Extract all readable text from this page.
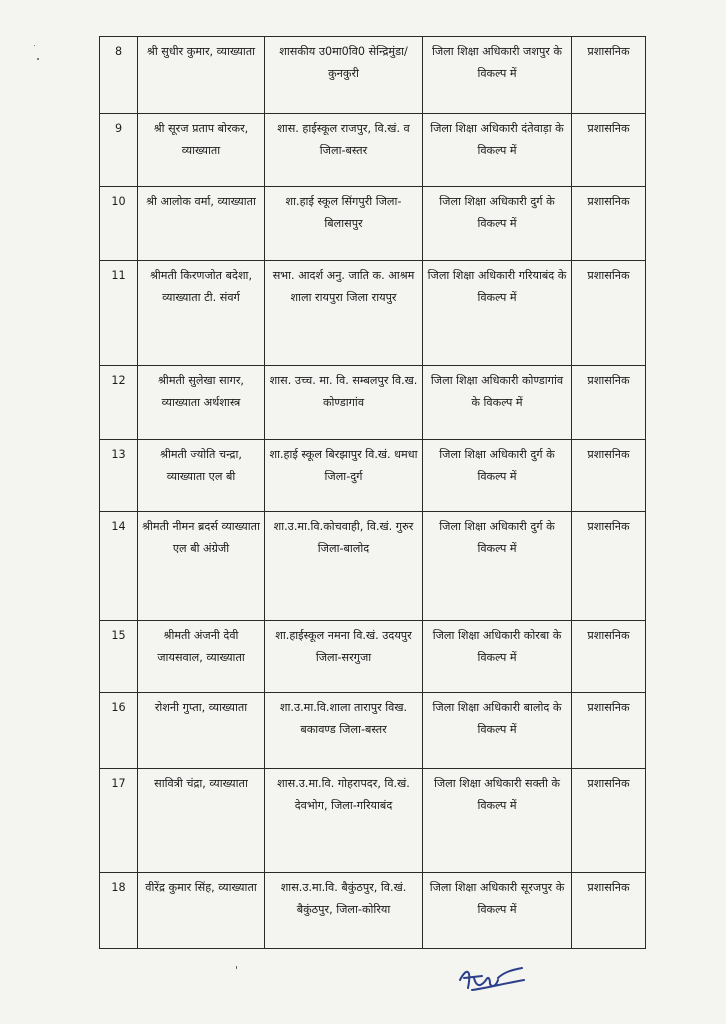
8	श्री सुधीर कुमार, व्याख्याता	शासकीय उ0मा0वि0 सेन्द्रिमुंडा/कुनकुरी	जिला शिक्षा अधिकारी जशपुर के विकल्प में	प्रशासनिक
9	श्री सूरज प्रताप बोरकर, व्याख्याता	शास. हाईस्कूल राजपुर, वि.खं. व जिला-बस्तर	जिला शिक्षा अधिकारी दंतेवाड़ा के विकल्प में	प्रशासनिक
10	श्री आलोक वर्मा, व्याख्याता	शा.हाई स्कूल सिंगपुरी जिला-बिलासपुर	जिला शिक्षा अधिकारी दुर्ग के विकल्प में	प्रशासनिक
11	श्रीमती किरणजोत बदेशा, व्याख्याता टी. संवर्ग	सभा. आदर्श अनु. जाति क. आश्रम शाला रायपुरा जिला रायपुर	जिला शिक्षा अधिकारी गरियाबंद के विकल्प में	प्रशासनिक
12	श्रीमती सुलेखा सागर, व्याख्याता अर्थशास्त्र	शास. उच्च. मा. वि. सम्बलपुर वि.ख. कोण्डागांव	जिला शिक्षा अधिकारी कोण्डागांव के विकल्प में	प्रशासनिक
13	श्रीमती ज्योति चन्द्रा, व्याख्याता एल बी	शा.हाई स्कूल बिरझापुर वि.खं. धमधा जिला-दुर्ग	जिला शिक्षा अधिकारी दुर्ग के विकल्प में	प्रशासनिक
14	श्रीमती नीमन ब्रदर्स व्याख्याता एल बी अंग्रेजी	शा.उ.मा.वि.कोचवाही, वि.खं. गुरुर जिला-बालोद	जिला शिक्षा अधिकारी दुर्ग के विकल्प में	प्रशासनिक
15	श्रीमती अंजनी देवी जायसवाल, व्याख्याता	शा.हाईस्कूल नमना वि.खं. उदयपुर जिला-सरगुजा	जिला शिक्षा अधिकारी कोरबा के विकल्प में	प्रशासनिक
16	रोशनी गुप्ता, व्याख्याता	शा.उ.मा.वि.शाला तारापुर विख. बकावण्ड जिला-बस्तर	जिला शिक्षा अधिकारी बालोद के विकल्प में	प्रशासनिक
17	सावित्री चंद्रा, व्याख्याता	शास.उ.मा.वि. गोहरापदर, वि.खं. देवभोग, जिला-गरियाबंद	जिला शिक्षा अधिकारी सक्ती के विकल्प में	प्रशासनिक
18	वीरेंद्र कुमार सिंह, व्याख्याता	शास.उ.मा.वि. बैकुंठपुर, वि.खं. बैकुंठपुर, जिला-कोरिया	जिला शिक्षा अधिकारी सूरजपुर के विकल्प में	प्रशासनिक
